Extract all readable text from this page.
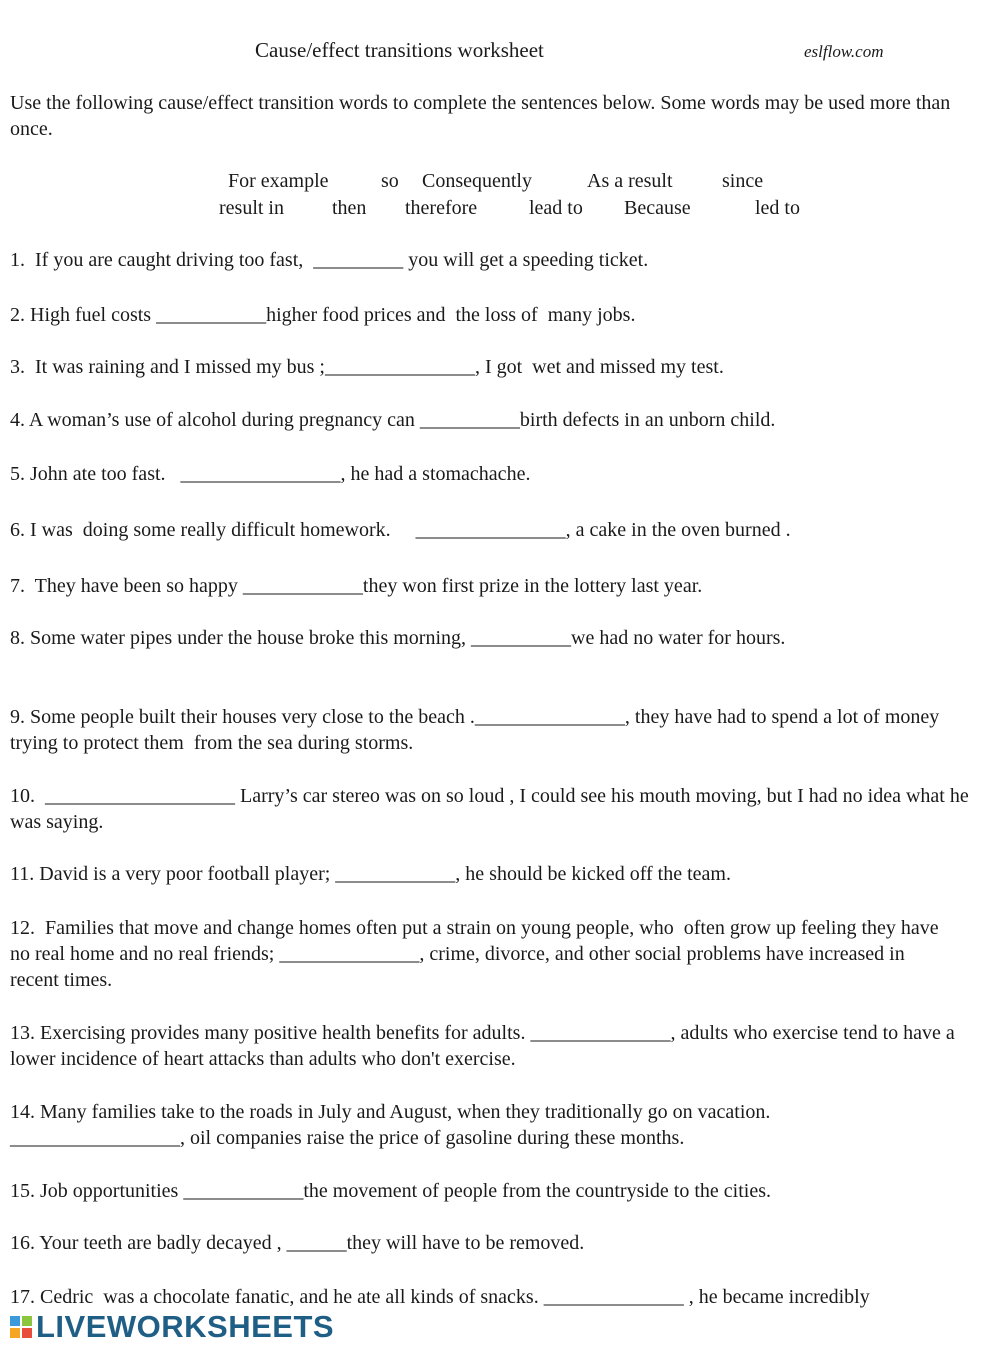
Cause/effect transitions worksheet	eslflow.com
Use the following cause/effect transition words to complete the sentences below. Some words may be used more than once.
For example	so Consequently	As a result since
result in then therefore	lead to Because	led to
1.  If you are caught driving too fast,  _________ you will get a speeding ticket.
2. High fuel costs ___________higher food prices and  the loss of  many jobs.
3.  It was raining and I missed my bus ;_______________, I got  wet and missed my test.
4. A woman’s use of alcohol during pregnancy can __________birth defects in an unborn child.
5. John ate too fast.   ________________, he had a stomachache.
6. I was  doing some really difficult homework.     _______________, a cake in the oven burned .
7.  They have been so happy ____________they won first prize in the lottery last year.
8. Some water pipes under the house broke this morning, __________we had no water for hours.
9. Some people built their houses very close to the beach ._______________, they have had to spend a lot of money trying to protect them  from the sea during storms.
10.  ___________________ Larry’s car stereo was on so loud , I could see his mouth moving, but I had no idea what he was saying.
11. David is a very poor football player; ____________, he should be kicked off the team.
12.  Families that move and change homes often put a strain on young people, who  often grow up feeling they have no real home and no real friends; ______________, crime, divorce, and other social problems have increased in recent times.
13. Exercising provides many positive health benefits for adults. ______________, adults who exercise tend to have a lower incidence of heart attacks than adults who don't exercise.
14. Many families take to the roads in July and August, when they traditionally go on vacation. _________________, oil companies raise the price of gasoline during these months.
15. Job opportunities ____________the movement of people from the countryside to the cities.
16. Your teeth are badly decayed , ______they will have to be removed.
17. Cedric  was a chocolate fanatic, and he ate all kinds of snacks. ______________ , he became incredibly
LIVEWORKSHEETS
